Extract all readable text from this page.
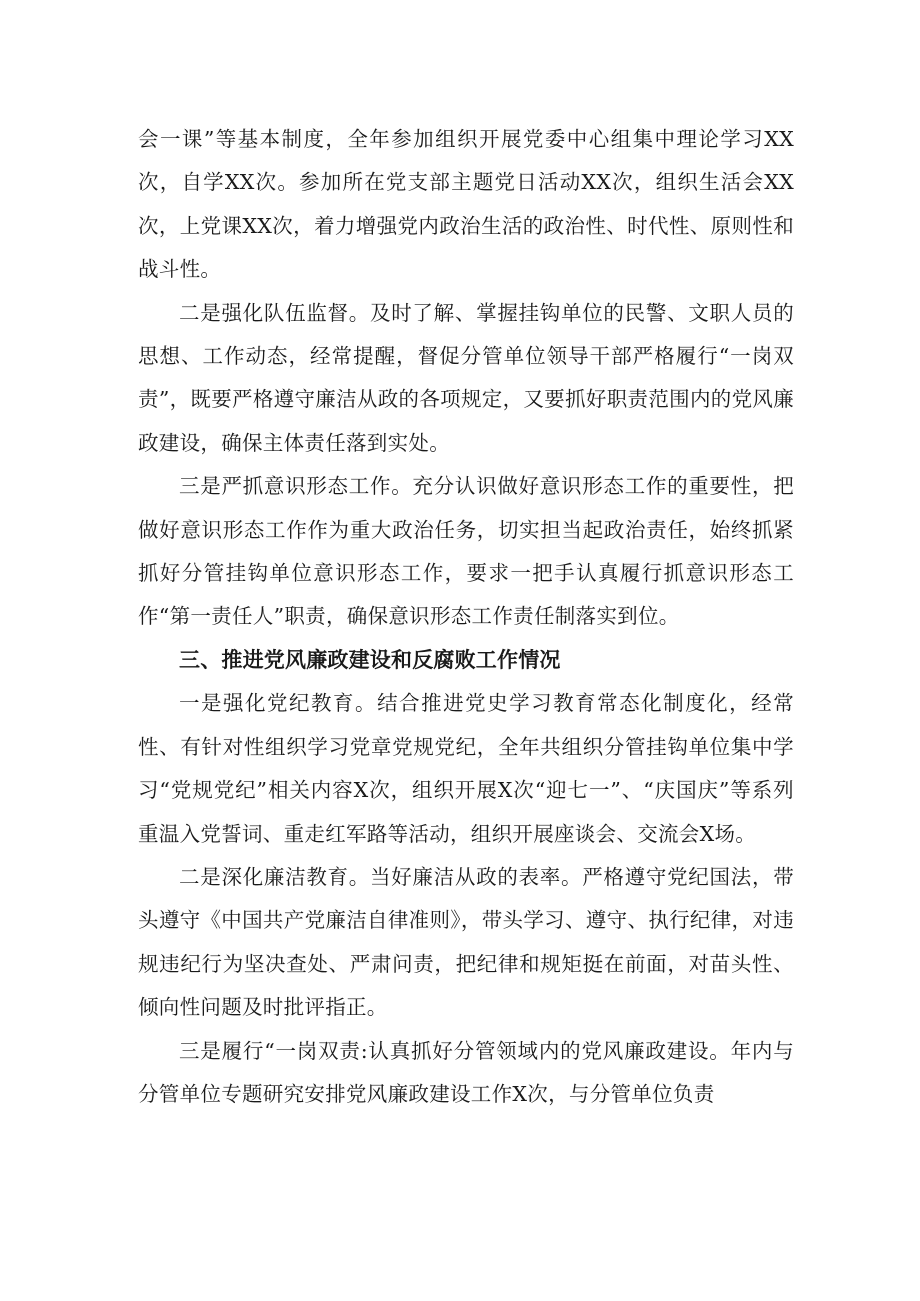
会一课”等基本制度，全年参加组织开展党委中心组集中理论学习XX次，自学XX次。参加所在党支部主题党日活动XX次，组织生活会XX次，上党课XX次，着力增强党内政治生活的政治性、时代性、原则性和战斗性。

二是强化队伍监督。及时了解、掌握挂钩单位的民警、文职人员的思想、工作动态，经常提醒，督促分管单位领导干部严格履行“一岗双责”，既要严格遵守廉洁从政的各项规定，又要抓好职责范围内的党风廉政建设，确保主体责任落到实处。

三是严抓意识形态工作。充分认识做好意识形态工作的重要性，把做好意识形态工作作为重大政治任务，切实担当起政治责任，始终抓紧抓好分管挂钩单位意识形态工作，要求一把手认真履行抓意识形态工作“第一责任人”职责，确保意识形态工作责任制落实到位。

三、推进党风廉政建设和反腐败工作情况

一是强化党纪教育。结合推进党史学习教育常态化制度化，经常性、有针对性组织学习党章党规党纪，全年共组织分管挂钩单位集中学习“党规党纪”相关内容X次，组织开展X次“迎七一”、“庆国庆”等系列重温入党誓词、重走红军路等活动，组织开展座谈会、交流会X场。

二是深化廉洁教育。当好廉洁从政的表率。严格遵守党纪国法，带头遵守《中国共产党廉洁自律准则》，带头学习、遵守、执行纪律，对违规违纪行为坚决查处、严肃问责，把纪律和规矩挺在前面，对苗头性、倾向性问题及时批评指正。

三是履行“一岗双责:认真抓好分管领域内的党风廉政建设。年内与分管单位专题研究安排党风廉政建设工作X次，与分管单位负责
